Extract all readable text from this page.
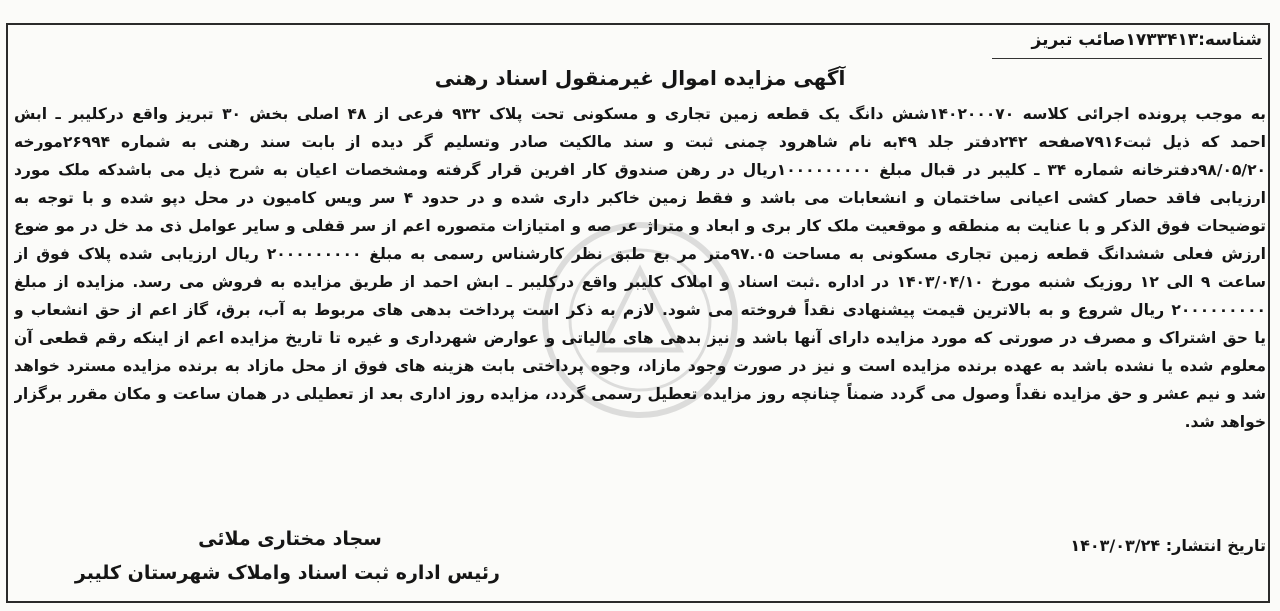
شناسه:۱۷۳۳۴۱۳صائب تبریز
آگهی مزایده اموال غیرمنقول اسناد رهنی
به موجب پرونده اجرائی کلاسه ۱۴۰۲۰۰۰۷۰شش دانگ یک قطعه زمین تجاری و مسکونی تحت پلاک ۹۳۲ فرعی از ۴۸ اصلی بخش ۳۰ تبریز واقع درکلیبر ـ ابش
احمد که ذیل ثبت۷۹۱۶صفحه ۲۴۲دفتر جلد ۴۹به نام شاهرود چمنی ثبت و سند مالکیت صادر وتسلیم گر دیده از بابت سند رهنی به شماره ۲۶۹۹۴مورخه
۹۸/۰۵/۲۰دفترخانه شماره ۳۴ ـ کلیبر در قبال مبلغ ۱۰۰۰۰۰۰۰۰۰ریال در رهن صندوق کار افرین قرار گرفته ومشخصات اعیان به شرح ذیل می باشدکه ملک مورد
ارزیابی فاقد حصار کشی اعیانی ساختمان و انشعابات می باشد و فقط زمین خاکبر داری شده و در حدود ۴ سر ویس کامیون در محل دپو شده و با توجه به
توضیحات فوق الذکر و با عنایت به منطقه و موقعیت ملک کار بری و ابعاد و متراژ عر صه و امتیازات متصوره اعم از سر قفلی و سایر عوامل ذی مد خل در مو ضوع
ارزش فعلی ششدانگ قطعه زمین تجاری مسکونی به مساحت ۹۷.۰۵متر مر بع طبق نظر کارشناس رسمی به مبلغ ۲۰۰۰۰۰۰۰۰۰ ریال ارزیابی شده پلاک فوق از
ساعت ۹ الی ۱۲ روزیک شنبه مورخ ۱۴۰۳/۰۴/۱۰ در اداره .ثبت اسناد و املاک کلیبر واقع درکلیبر ـ ابش احمد از طریق مزایده به فروش می رسد. مزایده از مبلغ
۲۰۰۰۰۰۰۰۰۰ ریال شروع و به بالاترین قیمت پیشنهادی نقداً فروخته می شود. لازم به ذکر است پرداخت بدهی های مربوط به آب، برق، گاز اعم از حق انشعاب و
یا حق اشتراک و مصرف در صورتی که مورد مزایده دارای آنها باشد و نیز بدهی های مالیاتی و عوارض شهرداری و غیره تا تاریخ مزایده اعم از اینکه رقم قطعی آن
معلوم شده یا نشده باشد به عهده برنده مزایده است و نیز در صورت وجود مازاد، وجوه پرداختی بابت هزینه های فوق از محل مازاد به برنده مزایده مسترد خواهد
شد و نیم عشر و حق مزایده نقداً وصول می گردد ضمناً چنانچه روز مزایده تعطیل رسمی گردد، مزایده روز اداری بعد از تعطیلی در همان ساعت و مکان مقرر برگزار
خواهد شد.
تاریخ انتشار: ۱۴۰۳/۰۳/۲۴
سجاد مختاری ملائی
رئیس اداره ثبت اسناد واملاک شهرستان کلیبر
